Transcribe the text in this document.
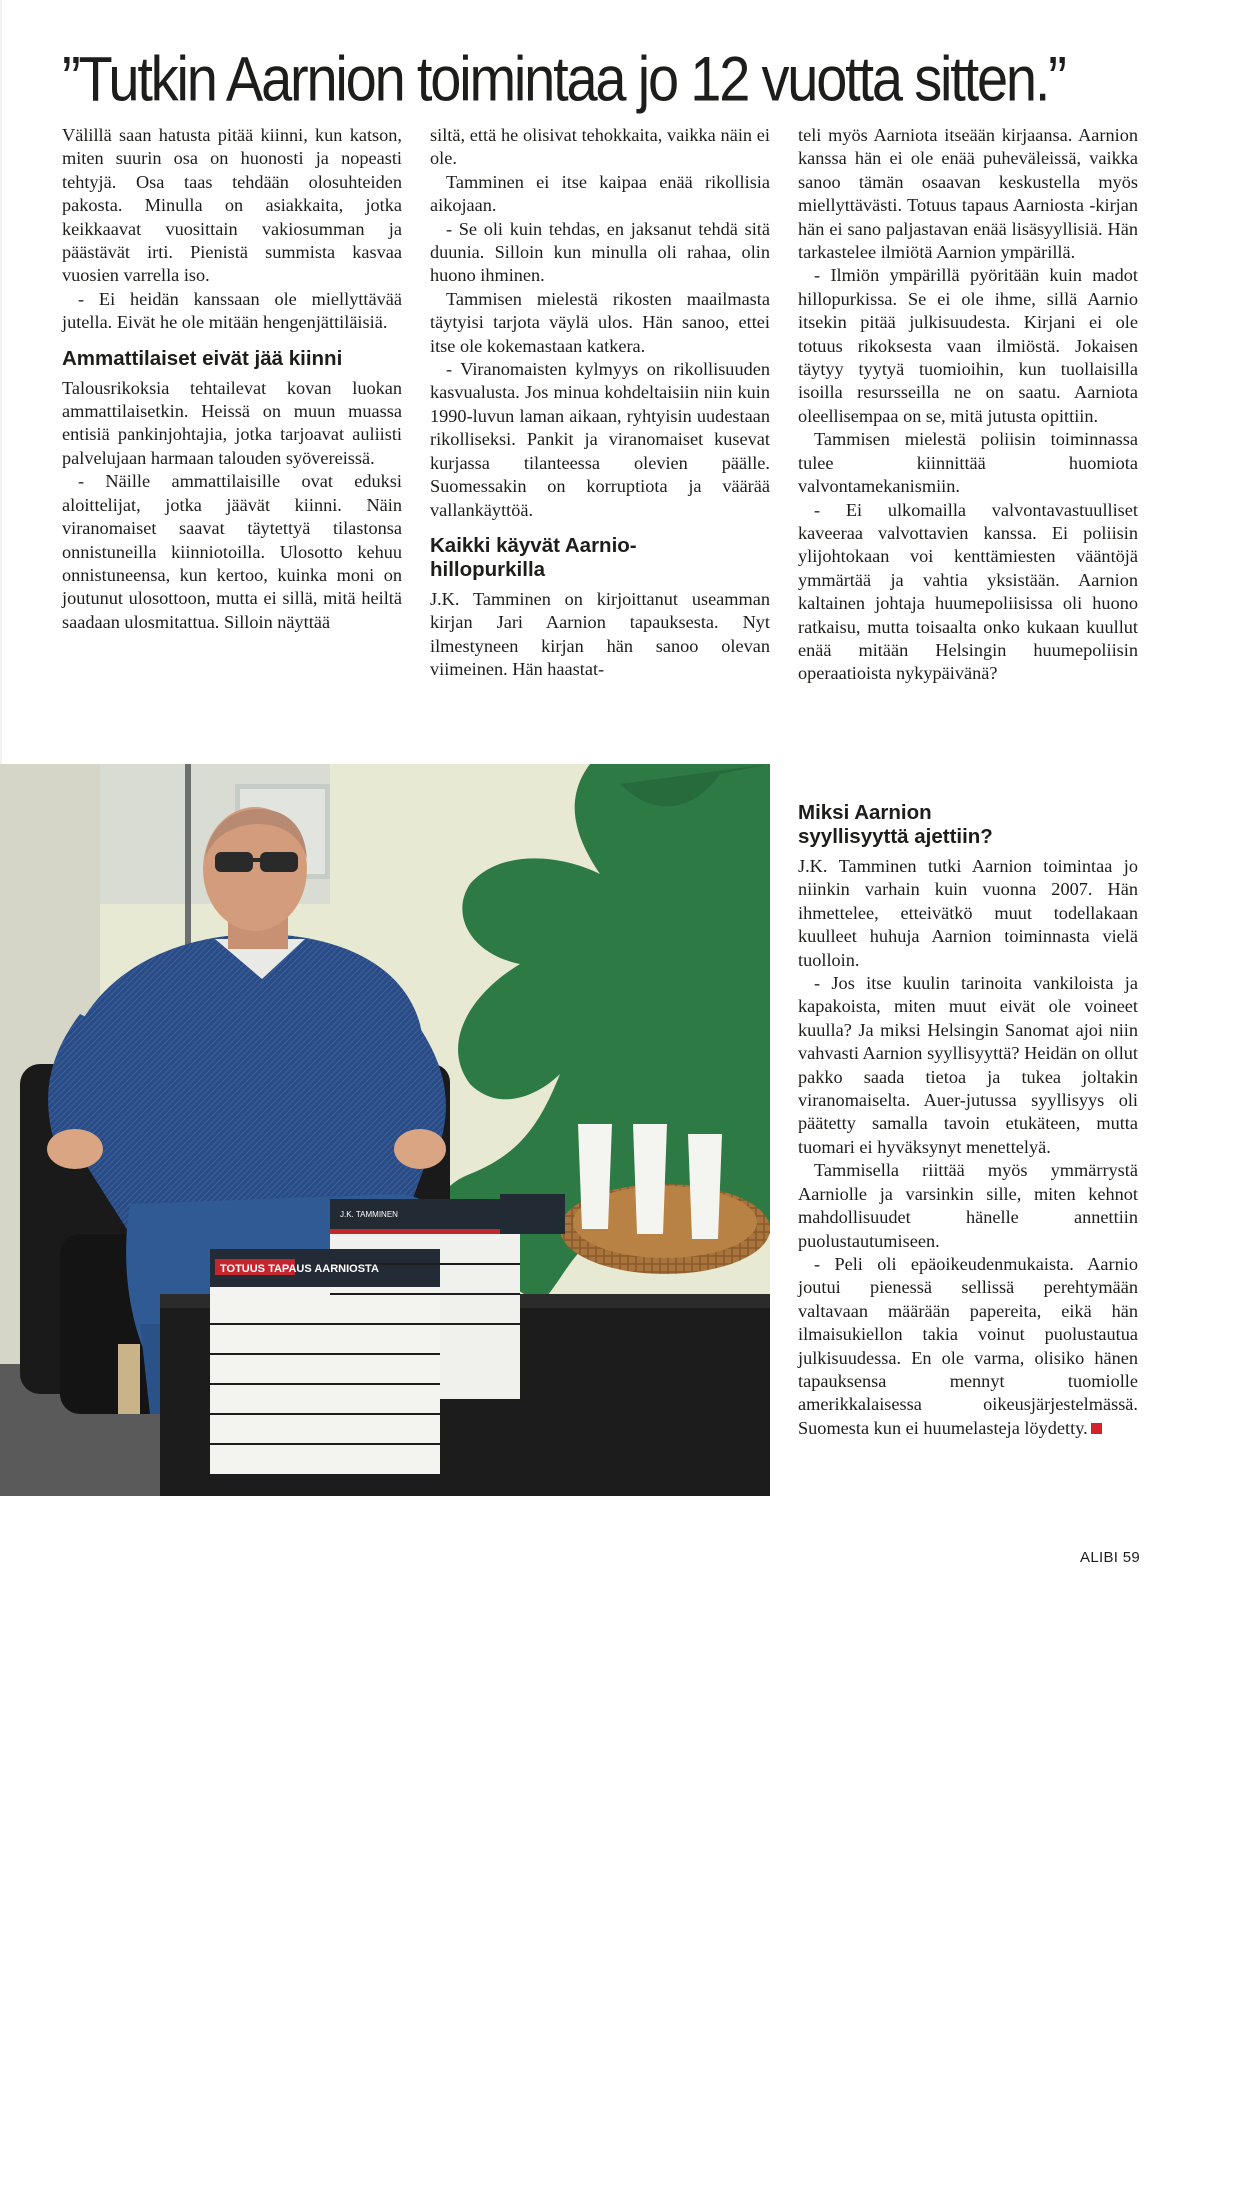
”Tutkin Aarnion toimintaa jo 12 vuotta sitten.”

Välillä saan hatusta pitää kiinni, kun katson, miten suurin osa on huonosti ja nopeasti tehtyjä. Osa taas tehdään olosuhteiden pakosta. Minulla on asiakkaita, jotka keikkaavat vuosittain vakiosumman ja päästävät irti. Pienistä summista kasvaa vuosien varrella iso.

- Ei heidän kanssaan ole miellyttävää jutella. Eivät he ole mitään hengenjättiläisiä.

Ammattilaiset eivät jää kiinni

Talousrikoksia tehtailevat kovan luokan ammattilaisetkin. Heissä on muun muassa entisiä pankinjohtajia, jotka tarjoavat auliisti palvelujaan harmaan talouden syövereissä.

- Näille ammattilaisille ovat eduksi aloittelijat, jotka jäävät kiinni. Näin viranomaiset saavat täytettyä tilastonsa onnistuneilla kiinniotoilla. Ulosotto kehuu onnistuneensa, kun kertoo, kuinka moni on joutunut ulosottoon, mutta ei sillä, mitä heiltä saadaan ulosmitattua. Silloin näyttää

siltä, että he olisivat tehokkaita, vaikka näin ei ole.

Tamminen ei itse kaipaa enää rikollisia aikojaan.

- Se oli kuin tehdas, en jaksanut tehdä sitä duunia. Silloin kun minulla oli rahaa, olin huono ihminen.

Tammisen mielestä rikosten maailmasta täytyisi tarjota väylä ulos. Hän sanoo, ettei itse ole kokemastaan katkera.

- Viranomaisten kylmyys on rikollisuuden kasvualusta. Jos minua kohdeltaisiin niin kuin 1990-luvun laman aikaan, ryhtyisin uudestaan rikolliseksi. Pankit ja viranomaiset kusevat kurjassa tilanteessa olevien päälle. Suomessakin on korruptiota ja väärää vallankäyttöä.

Kaikki käyvät Aarnio-hillopurkilla

J.K. Tamminen on kirjoittanut useamman kirjan Jari Aarnion tapauksesta. Nyt ilmestyneen kirjan hän sanoo olevan viimeinen. Hän haastat-

teli myös Aarniota itseään kirjaansa. Aarnion kanssa hän ei ole enää puheväleissä, vaikka sanoo tämän osaavan keskustella myös miellyttävästi. Totuus tapaus Aarniosta -kirjan hän ei sano paljastavan enää lisäsyyllisiä. Hän tarkastelee ilmiötä Aarnion ympärillä.

- Ilmiön ympärillä pyöritään kuin madot hillopurkissa. Se ei ole ihme, sillä Aarnio itsekin pitää julkisuudesta. Kirjani ei ole totuus rikoksesta vaan ilmiöstä. Jokaisen täytyy tyytyä tuomioihin, kun tuollaisilla isoilla resursseilla ne on saatu. Aarniota oleellisempaa on se, mitä jutusta opittiin.

Tammisen mielestä poliisin toiminnassa tulee kiinnittää huomiota valvontamekanismiin.

- Ei ulkomailla valvontavastuulliset kaveeraa valvottavien kanssa. Ei poliisin ylijohtokaan voi kenttämiesten vääntöjä ymmärtää ja vahtia yksistään. Aarnion kaltainen johtaja huumepoliisissa oli huono ratkaisu, mutta toisaalta onko kukaan kuullut enää mitään Helsingin huumepoliisin operaatioista nykypäivänä?

Miksi Aarnion syyllisyyttä ajettiin?

J.K. Tamminen tutki Aarnion toimintaa jo niinkin varhain kuin vuonna 2007. Hän ihmettelee, etteivätkö muut todellakaan kuulleet huhuja Aarnion toiminnasta vielä tuolloin.

- Jos itse kuulin tarinoita vankiloista ja kapakoista, miten muut eivät ole voineet kuulla? Ja miksi Helsingin Sanomat ajoi niin vahvasti Aarnion syyllisyyttä? Heidän on ollut pakko saada tietoa ja tukea joltakin viranomaiselta. Auer-jutussa syyllisyys oli päätetty samalla tavoin etukäteen, mutta tuomari ei hyväksynyt menettelyä.

Tammisella riittää myös ymmärrystä Aarniolle ja varsinkin sille, miten kehnot mahdollisuudet hänelle annettiin puolustautumiseen.

- Peli oli epäoikeudenmukaista. Aarnio joutui pienessä sellissä perehtymään valtavaan määrään papereita, eikä hän ilmaisukiellon takia voinut puolustautua julkisuudessa. En ole varma, olisiko hänen tapauksensa mennyt tuomiolle amerikkalaisessa oikeusjärjestelmässä. Suomesta kun ei huumelasteja löydetty.

TOTUUS TAPAUS AARNIOSTA
J.K. TAMMINEN
KIRJAILIJA.
Syyskuussa ilmestyneen ”Totuus tapaus Aarniosta” -kirjan J.K. Tamminen sanoo olevan viimeinen Aarnio-kirja, jonka hän kirjoittaa. Seuraavan kirjan J.K.Tamminen aikoo kirjoittaa lama-ajasta, joka ajoi hänet itsensä yrittämään itsemurhaa.
ALIBI 59
